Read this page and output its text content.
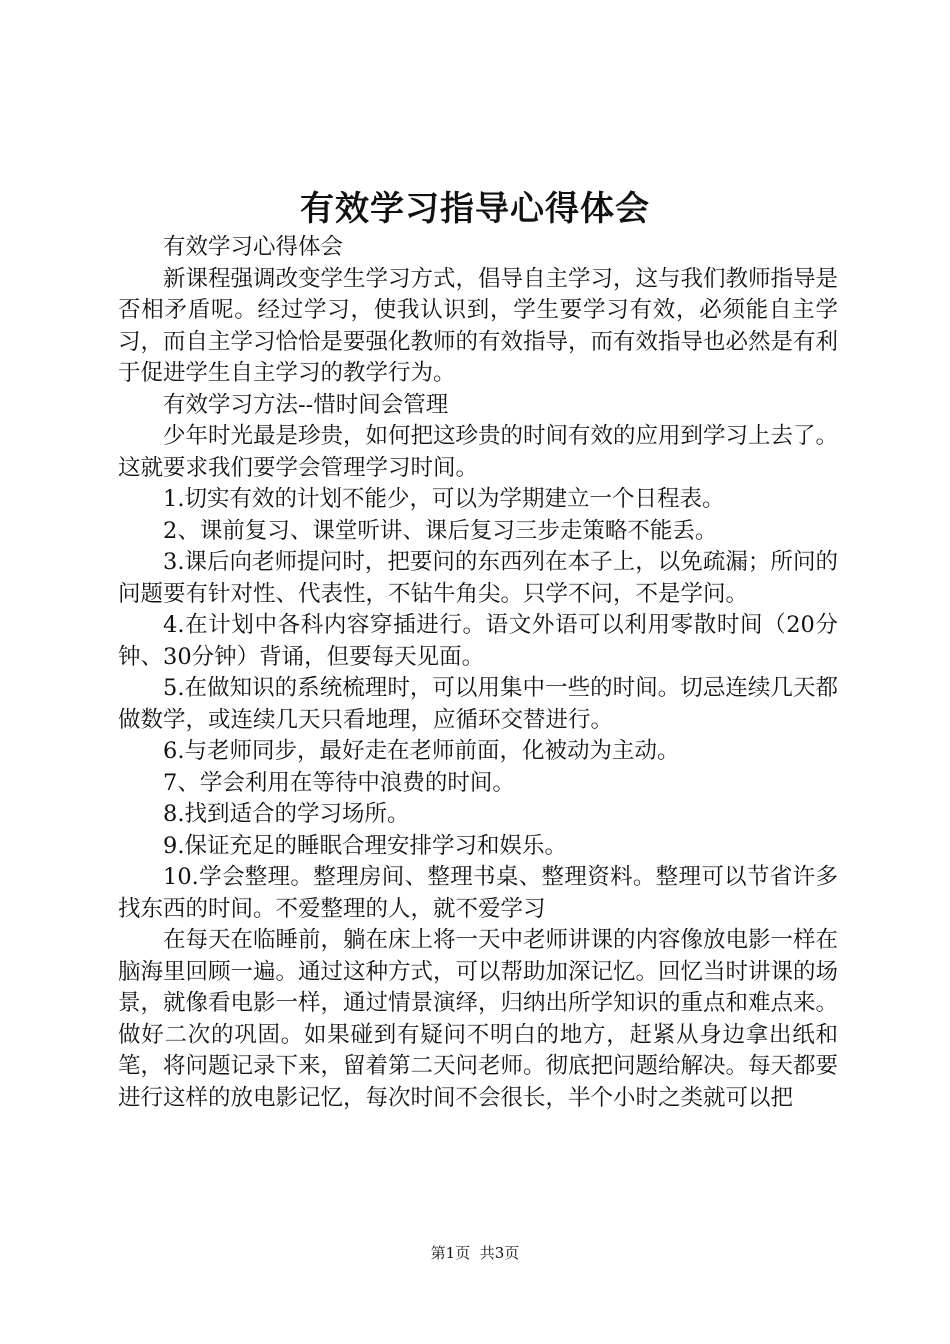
有效学习指导心得体会

有效学习心得体会

新课程强调改变学生学习方式，倡导自主学习，这与我们教师指导是否相矛盾呢。经过学习，使我认识到，学生要学习有效，必须能自主学习，而自主学习恰恰是要强化教师的有效指导，而有效指导也必然是有利于促进学生自主学习的教学行为。

有效学习方法--惜时间会管理

少年时光最是珍贵，如何把这珍贵的时间有效的应用到学习上去了。这就要求我们要学会管理学习时间。

1.切实有效的计划不能少，可以为学期建立一个日程表。

2、课前复习、课堂听讲、课后复习三步走策略不能丢。

3.课后向老师提问时，把要问的东西列在本子上，以免疏漏；所问的问题要有针对性、代表性，不钻牛角尖。只学不问，不是学问。

4.在计划中各科内容穿插进行。语文外语可以利用零散时间（20分钟、30分钟）背诵，但要每天见面。

5.在做知识的系统梳理时，可以用集中一些的时间。切忌连续几天都做数学，或连续几天只看地理，应循环交替进行。

6.与老师同步，最好走在老师前面，化被动为主动。

7、学会利用在等待中浪费的时间。

8.找到适合的学习场所。

9.保证充足的睡眠合理安排学习和娱乐。

10.学会整理。整理房间、整理书桌、整理资料。整理可以节省许多找东西的时间。不爱整理的人，就不爱学习

在每天在临睡前，躺在床上将一天中老师讲课的内容像放电影一样在脑海里回顾一遍。通过这种方式，可以帮助加深记忆。回忆当时讲课的场景，就像看电影一样，通过情景演绎，归纳出所学知识的重点和难点来。做好二次的巩固。如果碰到有疑问不明白的地方，赶紧从身边拿出纸和笔，将问题记录下来，留着第二天问老师。彻底把问题给解决。每天都要进行这样的放电影记忆，每次时间不会很长，半个小时之类就可以把

第1页 共3页
